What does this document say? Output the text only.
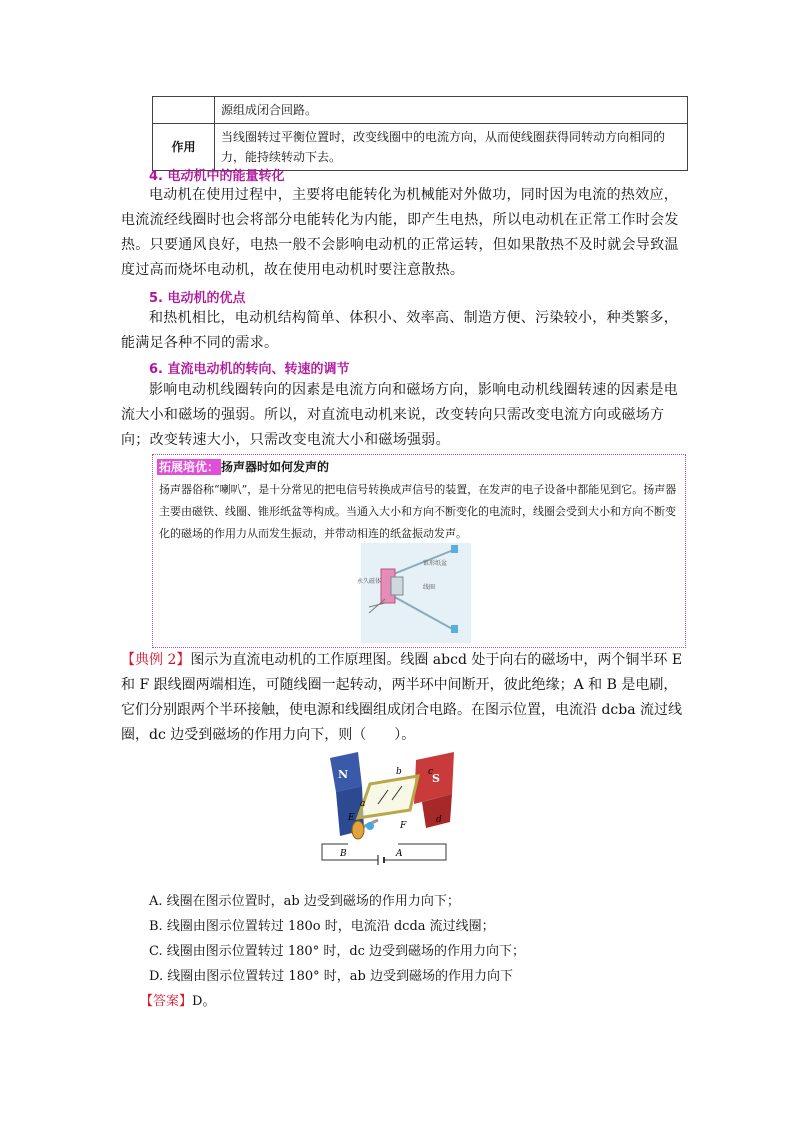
	源组成闭合回路。
作用	当线圈转过平衡位置时，改变线圈中的电流方向，从而使线圈获得同转动方向相同的力，能持续转动下去。
4. 电动机中的能量转化
电动机在使用过程中，主要将电能转化为机械能对外做功，同时因为电流的热效应，电流流经线圈时也会将部分电能转化为内能，即产生电热，所以电动机在正常工作时会发热。只要通风良好，电热一般不会影响电动机的正常运转，但如果散热不及时就会导致温度过高而烧坏电动机，故在使用电动机时要注意散热。
5. 电动机的优点
和热机相比，电动机结构简单、体积小、效率高、制造方便、污染较小，种类繁多，能满足各种不同的需求。
6. 直流电动机的转向、转速的调节
影响电动机线圈转向的因素是电流方向和磁场方向，影响电动机线圈转速的因素是电流大小和磁场的强弱。所以，对直流电动机来说，改变转向只需改变电流方向或磁场方向；改变转速大小，只需改变电流大小和磁场强弱。
拓展培优： 扬声器时如何发声的
扬声器俗称“喇叭”，是十分常见的把电信号转换成声信号的装置，在发声的电子设备中都能见到它。扬声器主要由磁铁、线圈、锥形纸盆等构成。当通入大小和方向不断变化的电流时，线圈会受到大小和方向不断变化的磁场的作用力从而发生振动，并带动相连的纸盆振动发声。
永久磁体
锥形纸盆
线圈
【典例 2】图示为直流电动机的工作原理图。线圈 abcd 处于向右的磁场中，两个铜半环 E 和 F 跟线圈两端相连，可随线圈一起转动，两半环中间断开，彼此绝缘；A 和 B 是电刷，它们分别跟两个半环接触，使电源和线圈组成闭合电路。在图示位置，电流沿 dcba 流过线圈，dc 边受到磁场的作用力向下，则（　　）。
N	S
b	c
a
d
E
F
B	A
A. 线圈在图示位置时，ab 边受到磁场的作用力向下；
B. 线圈由图示位置转过 180o 时，电流沿 dcda 流过线圈；
C. 线圈由图示位置转过 180° 时，dc 边受到磁场的作用力向下；
D. 线圈由图示位置转过 180° 时，ab 边受到磁场的作用力向下
【答案】D。
